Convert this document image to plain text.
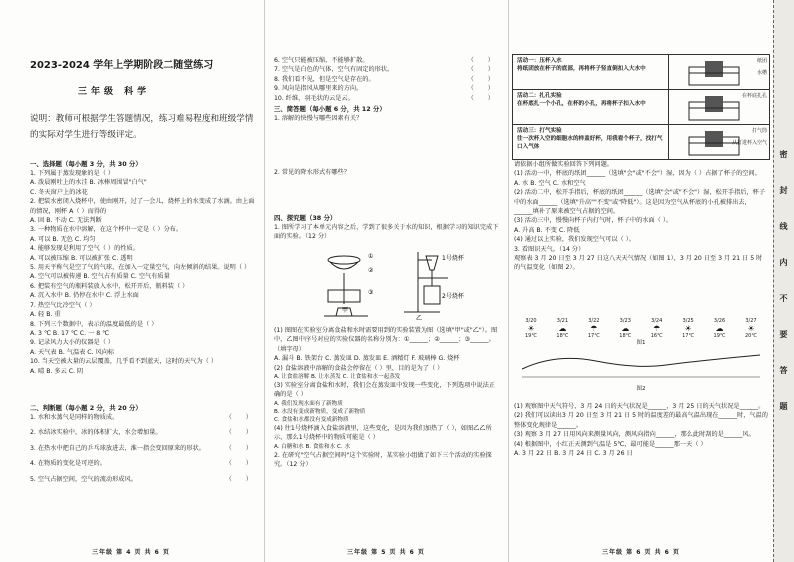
2023-2024 学年上学期阶段二随堂练习
三年级 科学
说明：教师可根据学生答题情况，练习难易程度和班级学情的实际对学生进行等级评定。
一、选择题（每小题 3 分，共 30 分）
1. 下列属于蒸发现象的是（ ）
A. 泼晨刚吐上的水洼 B. 冰棒周围冒"白气"
C. 冬天窗户上的冰花
2. 把装水密闭入烧杯中，使由刚开，过了一会儿，烧杯上的水变成了水滴。由上面的情况，刚杯 A（ ）而得的
A. 固 B. 不动 C. 无法判断
3. 一种物质在水中溶解，在这个杯中一定是（ ）分布。
A. 可以 B. 无色 C. 均匀
4. 能够发现是利用了空气（ ）的性质。
A. 可以被压缩 B. 可以被扩张 C. 透明
5. 用天平称气是空了气的气球，在加入一定量空气，向左倾斜的结果。说明（ ）
A. 空气可以被传递 B. 空气占有质量 C. 空气有质量
6. 把装有空气的瓶料装放入水中，松开开后，瓶料装（ ）
A. 沉入水中 B. 仍停在水中 C. 浮上水面
7. 热空气比冷空气（ ）
A. 轻 B. 重
8. 下列三个数据中，表示的温度最低的是（ ）
A. 3 ℃ B. 17 ℃ C. 一 8 ℃
9. 记录风力大小的仪器是（ ）
A. 天气表 B. 气温表 C. 风向标
10. 当天空被大量的云层覆盖，几乎看不到蓝天，这时的天气为（ ）
A. 晴 B. 多云 C. 阴
二、判断题（每小题 2 分，共 20 分）
（ ）
1. 水和水蒸气是同样的物质成。
（ ）
2. 水结冰实验中，冰的体积扩大，水会增加量。
（ ）
3. 在热水中把自己的乒乓球放进去，淮一指会变回原来的形状。
（ ）
4. 在物质的变化是可逆的。
（ ）
5. 空气占据空间，空气的流动形成风。
三年级 第 4 页 共 6 页
（ ）
6. 空气只能被压缩，不能够扩散。
（ ）
7. 空气是白色的气体，空气有固定的形状。
（ ）
8. 我们看不见，但是空气是存在的。
（ ）
9. 风向是指风从哪里来的方向。
（ ）
10. 纤维，羽毛状的云是云。
三、简答题（每小题 6 分，共 12 分）
1. 溶解的快慢与哪些因素有关？
2. 常见的降水形式有哪些？
四、探究题（38 分）
1. 图所学习了本单元内容之后，学到了很多关于水的知识，根据学习的知识完成下面的实验。（12 分）
①
②
③
1号烧杯
2号烧杯
甲
乙
(1) 图图在实验室分离食盐和水时需要用到的实验装置为图（选填"甲"或"乙"）。图中，乙图中序号对应的实验仪器的名称分别为：①______；②______；③______。（填字母）
A. 漏斗 B. 铁架台 C. 蒸发皿 D. 蒸发皿 E. 酒精灯 F. 玻璃棒 G. 烧杯
(2) 食盐溶液中溶解的食盐会停留在（ ）里，目的是为了（ ）
A. 让食盐溶解 B. 让水蒸发 C. 让食盐和水一起蒸发
(3) 实验室分离食盐和水时，我们会在蒸发皿中发现一些变化，下列选项中说法正确的是（ ）
A. 我们发现水面有了新物质
B. 水没有变成新物质，变成了新物质
C. 食盐和水都没有变成新物质
(4) 往1号烧杯滴入食盐溶液里，这些变化，是因为我们加热了（ ），如图乙乙所示，那么1号烧杯中的物质可能是（ ）
A. 白糖和水 B. 食盐和水 C. 水
2. 在研究"空气占据空间吗"这个实验时，某实验小组做了如下三个活动的实验探究。（12 分）
三年级 第 5 页 共 6 页
活动一：压杯入水
将纸团放在杯子的底部，再将杯子竖直倒扣入大水中
纸团
水槽
活动二：扎孔实验
在杯底扎一个小孔，在杯的小孔，再将杯子扣入水中
在杯底扎孔
活动三：打气实验
往一次杯入空的细胞水的样盖好杯，用我看个杯子，找打气口入气体
打气筒
从打进杯入空气
请依据小组所做实验回答下列问题。
(1) 活动一中，杯底的纸团______（选填"会"或"不会"）湿，因为（ ）占据了杯子的空间。
A. 水 B. 空气 C. 水和空气
(2) 活动二中，松开手指后，杯底的纸团______（选填"会"或"不会"）湿，松开手指后，杯子中的水面______（选填"升高""不变"或"降低"）。这是因为空气从杯底的小孔被排出去，______填补了原来被空气占据的空间。
(3) 活动三中，慢慢向杯子内打气时，杯子中的水面（ ）。
A. 升高 B. 不变 C. 降低
(4) 通过以上实验，我们发现空气可以（ ）。
3. 看图识天气。（14 分）
观察表 3 月 20 日至 3 月 27 日这八天天气情况（如图 1），3 月 20 日至 3 月 21 日 5 时的气温变化（如图 2）。
3/20
☀
19℃
3/21
☁
18℃
3/22
☂
17℃
3/23
☁
18℃
3/24
☂
16℃
3/25
☀
17℃
3/26
☁
19℃
3/27
☀
20℃
图1
图2
(1) 观察图中天气符号，3 月 24 日的天气状况是______，3 月 25 日的天气状况是______。
(2) 我们可以读出3 月 20 日至 3 月 21 日 5 时的温度差的最高气温出现在______时，气温的整体变化规律是______。
(3) 观察 3 月 27 日用风向来测量风向，测风向指向______，那么此时刮的是______风。
(4) 根据图中，小红正天测到气温是 5℃，最可能是______那一天（ ）
A. 3 月 22 日 B. 3 月 24 日 C. 3 月 26 日
三年级 第 6 页 共 6 页
密
封
线
内
不
要
答
题
